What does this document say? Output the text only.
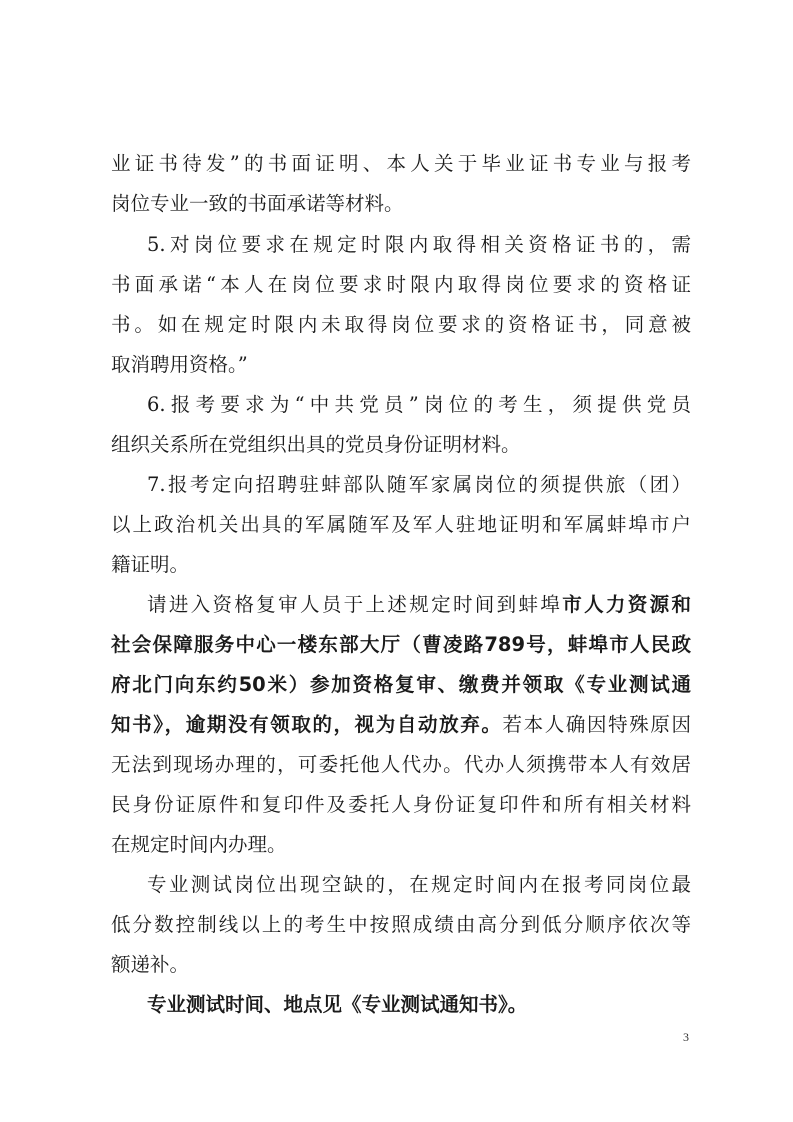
业证书待发”的书面证明、本人关于毕业证书专业与报考
岗位专业一致的书面承诺等材料。
5.对岗位要求在规定时限内取得相关资格证书的，需
书面承诺“本人在岗位要求时限内取得岗位要求的资格证
书。如在规定时限内未取得岗位要求的资格证书，同意被
取消聘用资格。”
6.报考要求为“中共党员”岗位的考生，须提供党员
组织关系所在党组织出具的党员身份证明材料。
7.报考定向招聘驻蚌部队随军家属岗位的须提供旅（团）
以上政治机关出具的军属随军及军人驻地证明和军属蚌埠市户
籍证明。
请进入资格复审人员于上述规定时间到蚌埠市人力资源和
社会保障服务中心一楼东部大厅（曹凌路789号，蚌埠市人民政
府北门向东约50米）参加资格复审、缴费并领取《专业测试通
知书》，逾期没有领取的，视为自动放弃。若本人确因特殊原因
无法到现场办理的，可委托他人代办。代办人须携带本人有效居
民身份证原件和复印件及委托人身份证复印件和所有相关材料
在规定时间内办理。
专业测试岗位出现空缺的，在规定时间内在报考同岗位最
低分数控制线以上的考生中按照成绩由高分到低分顺序依次等
额递补。
专业测试时间、地点见《专业测试通知书》。
3
